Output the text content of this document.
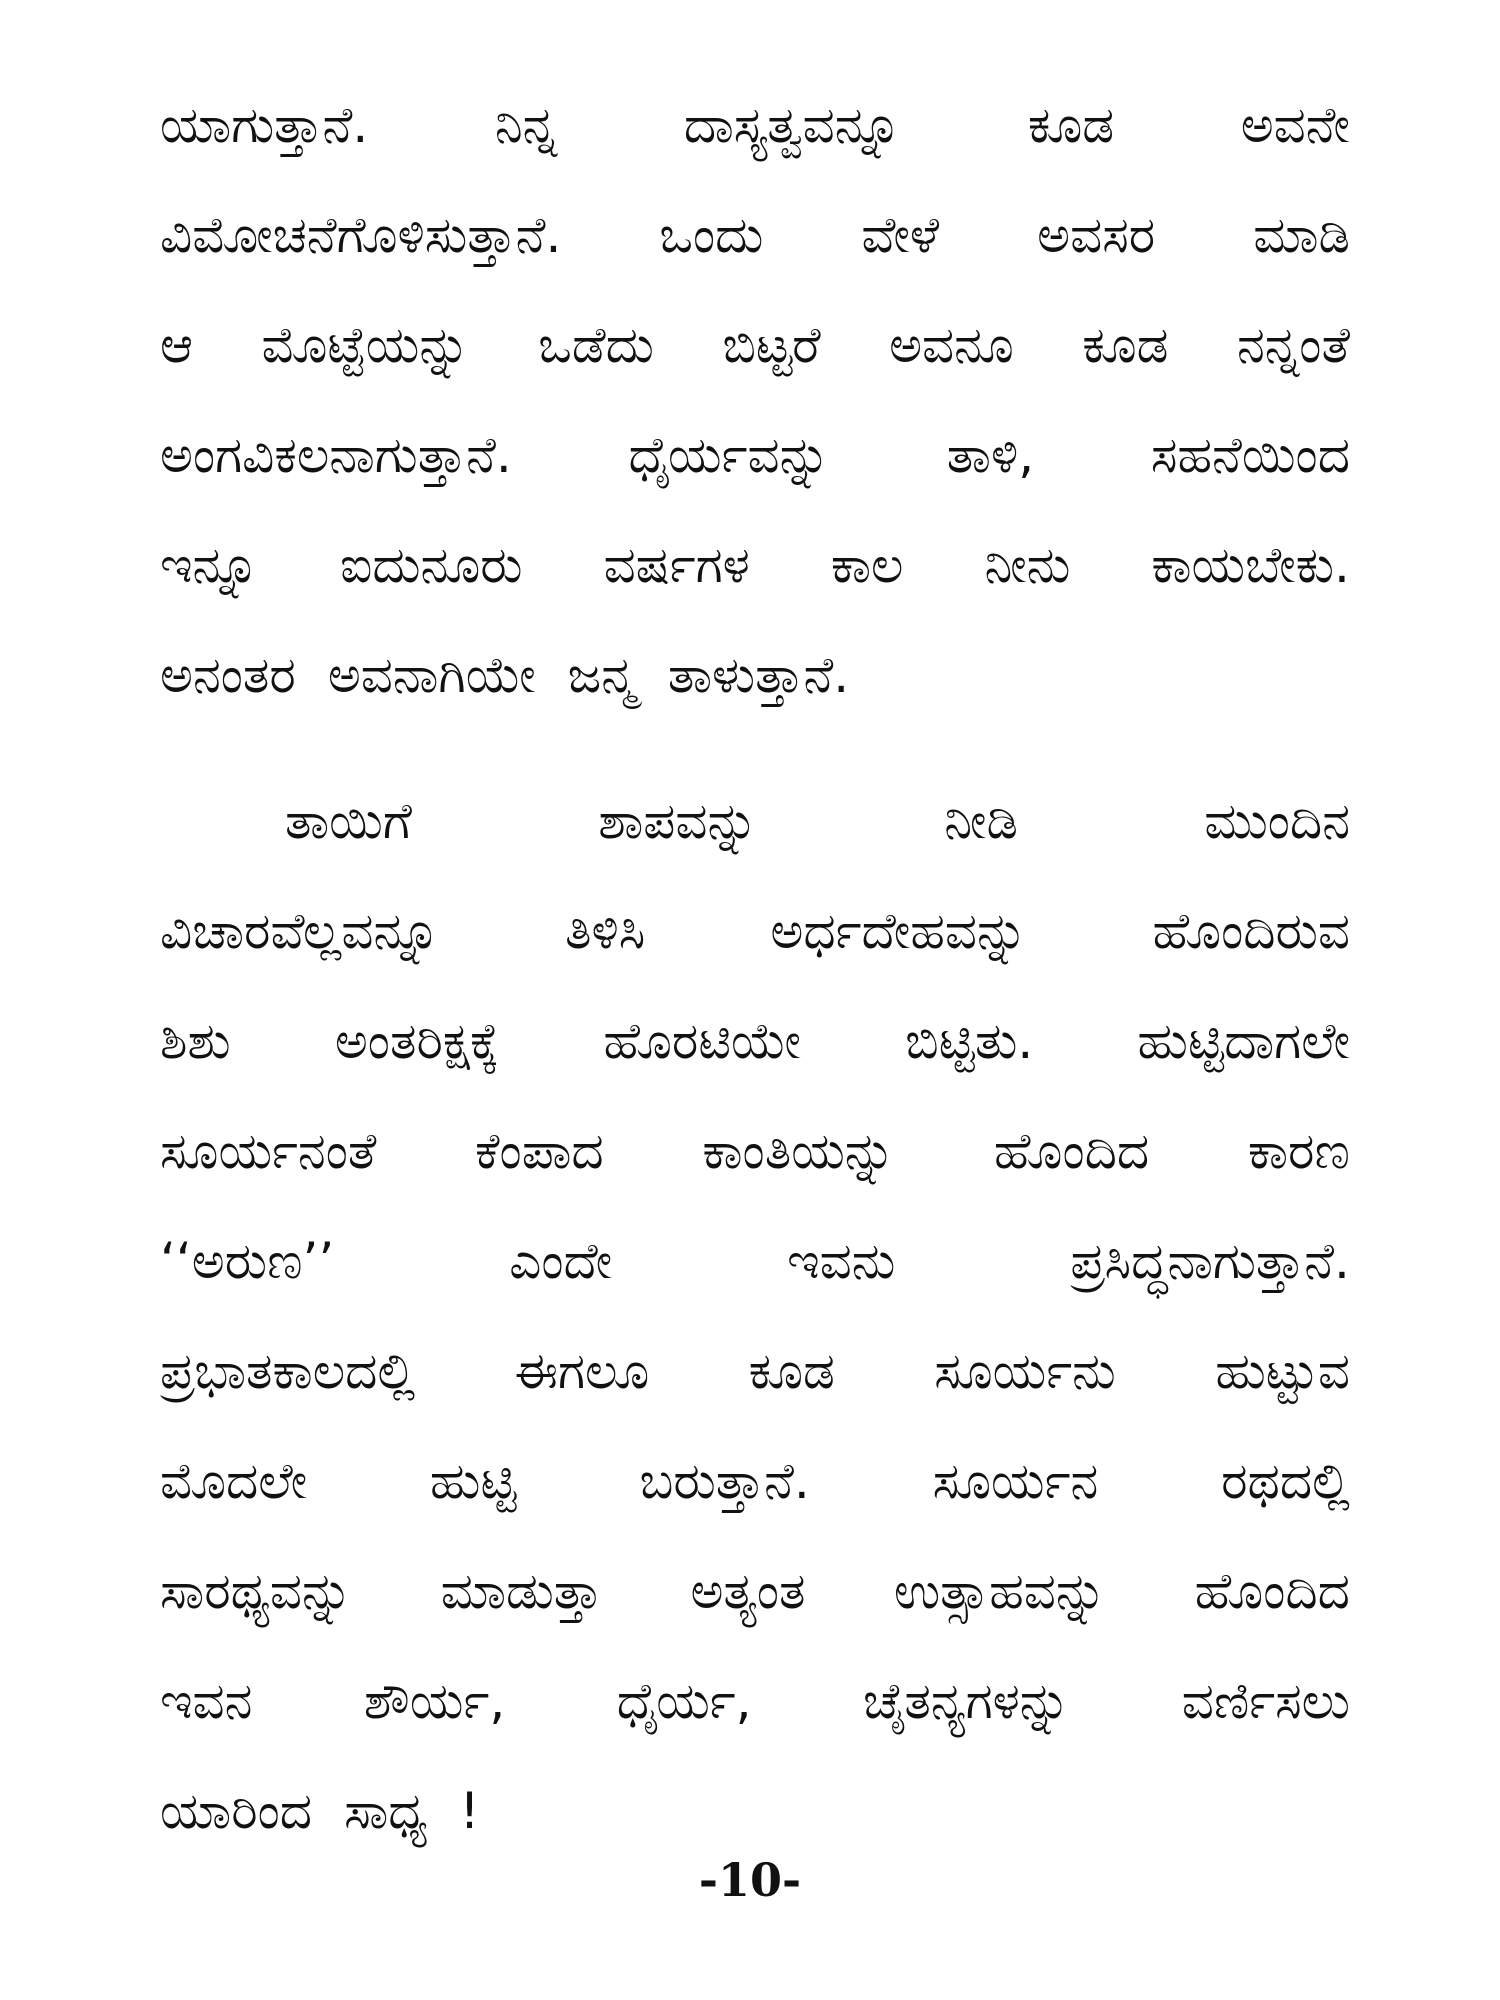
ಯಾಗುತ್ತಾನೆ.	ನಿನ್ನ	ದಾಸ್ಯತ್ವವನ್ನೂ	ಕೂಡ	ಅವನೇ
ವಿಮೋಚನೆಗೊಳಿಸುತ್ತಾನೆ. ಒಂದು ವೇಳೆ ಅವಸರ ಮಾಡಿ
ಆ ಮೊಟ್ಟೆಯನ್ನು ಒಡೆದು ಬಿಟ್ಟರೆ ಅವನೂ ಕೂಡ ನನ್ನಂತೆ
ಅಂಗವಿಕಲನಾಗುತ್ತಾನೆ. ಧೈರ್ಯವನ್ನು ತಾಳಿ, ಸಹನೆಯಿಂದ
ಇನ್ನೂ ಐದುನೂರು ವರ್ಷಗಳ ಕಾಲ ನೀನು ಕಾಯಬೇಕು.
ಅನಂತರ ಅವನಾಗಿಯೇ ಜನ್ಮ ತಾಳುತ್ತಾನೆ.
ತಾಯಿಗೆ	ಶಾಪವನ್ನು	ನೀಡಿ	ಮುಂದಿನ
ವಿಚಾರವೆಲ್ಲವನ್ನೂ	ತಿಳಿಸಿ	ಅರ್ಧದೇಹವನ್ನು	ಹೊಂದಿರುವ
ಶಿಶು ಅಂತರಿಕ್ಷಕ್ಕೆ ಹೊರಟಿಯೇ ಬಿಟ್ಟಿತು. ಹುಟ್ಟಿದಾಗಲೇ
ಸೂರ್ಯನಂತೆ ಕೆಂಪಾದ ಕಾಂತಿಯನ್ನು ಹೊಂದಿದ ಕಾರಣ
‘‘ಅರುಣ’’	ಎಂದೇ	ಇವನು	ಪ್ರಸಿದ್ಧನಾಗುತ್ತಾನೆ.
ಪ್ರಭಾತಕಾಲದಲ್ಲಿ ಈಗಲೂ ಕೂಡ ಸೂರ್ಯನು ಹುಟ್ಟುವ
ಮೊದಲೇ ಹುಟ್ಟಿ ಬರುತ್ತಾನೆ. ಸೂರ್ಯನ ರಥದಲ್ಲಿ
ಸಾರಥ್ಯವನ್ನು ಮಾಡುತ್ತಾ ಅತ್ಯಂತ ಉತ್ಸಾಹವನ್ನು ಹೊಂದಿದ
ಇವನ ಶೌರ್ಯ, ಧೈರ್ಯ, ಚೈತನ್ಯಗಳನ್ನು ವರ್ಣಿಸಲು
ಯಾರಿಂದ ಸಾಧ್ಯ !
-10-
